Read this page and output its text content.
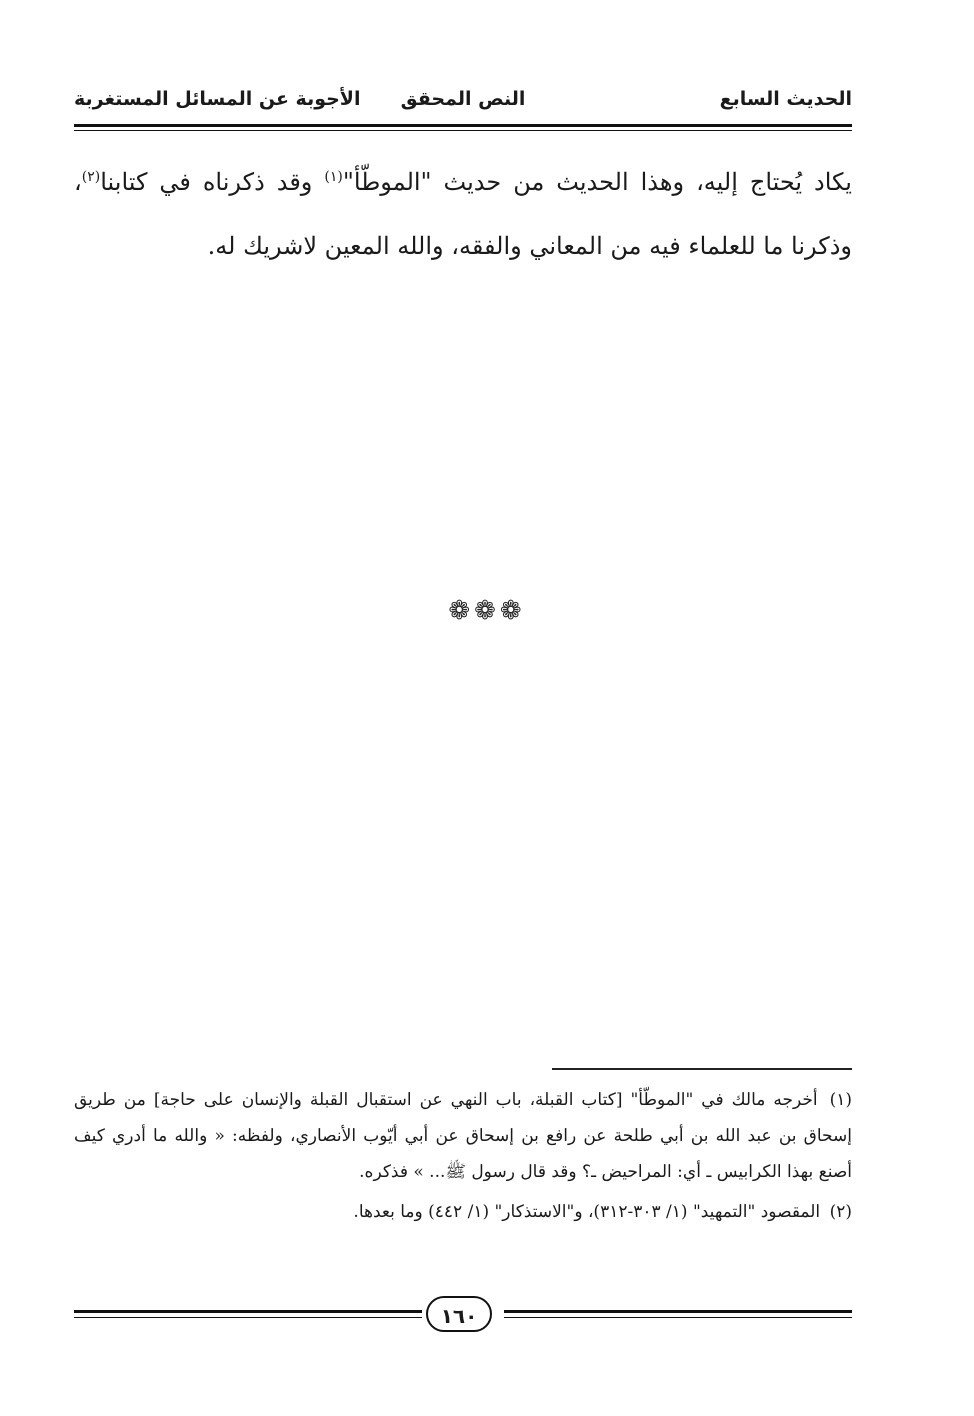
الحديث السابع
النص المحقق
الأجوبة عن المسائل المستغربة

يكاد يُحتاج إليه، وهذا الحديث من حديث "الموطّأ"$^{(١)}$ وقد ذكرناه في كتابنا$^{(٢)}$، وذكرنا ما للعلماء فيه من المعاني والفقه، والله المعين لاشريك له.

❁❁❁

(١) أخرجه مالك في "الموطّأ" [كتاب القبلة، باب النهي عن استقبال القبلة والإنسان على حاجة] من طريق إسحاق بن عبد الله بن أبي طلحة عن رافع بن إسحاق عن أبي أيّوب الأنصاري، ولفظه: « والله ما أدري كيف أصنع بهذا الكرابيس ـ أي: المراحيض ـ؟ وقد قال رسول ﷺ... » فذكره.

(٢) المقصود "التمهيد" (١/ ٣٠٣-٣١٢)، و"الاستذكار" (١/ ٤٤٢) وما بعدها.

١٦٠
